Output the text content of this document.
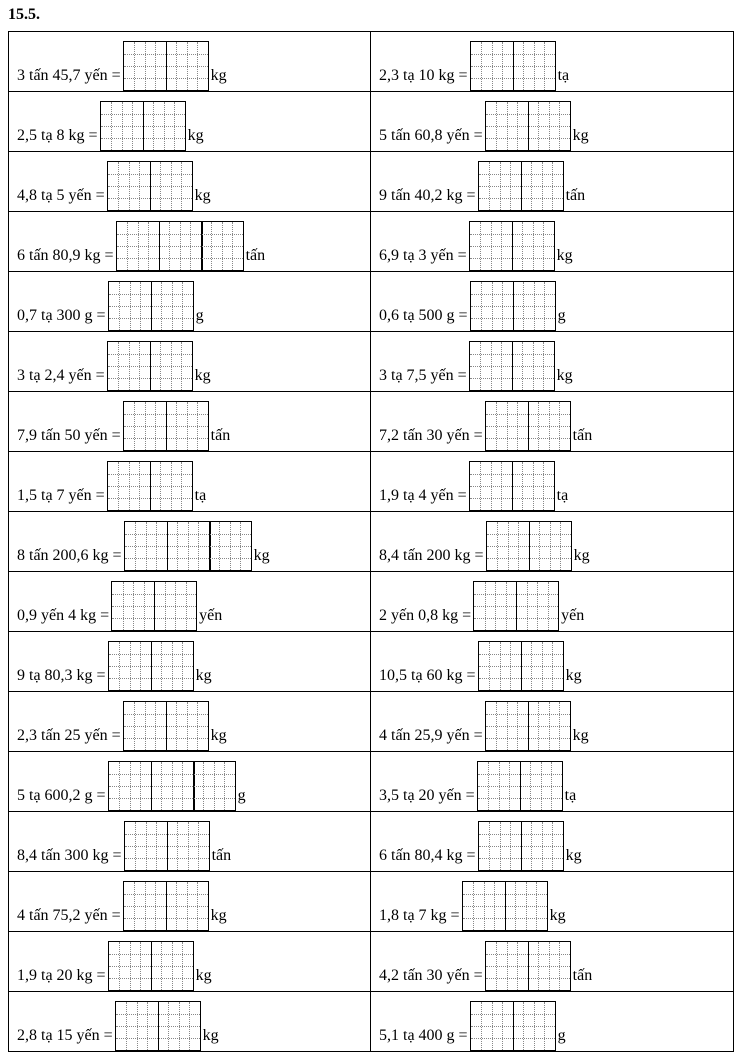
15.5.
3 tấn 45,7 yến = kg	2,3 tạ 10 kg = tạ

2,5 tạ 8 kg = kg	5 tấn 60,8 yến = kg

4,8 tạ 5 yến = kg	9 tấn 40,2 kg = tấn

6 tấn 80,9 kg = tấn	6,9 tạ 3 yến = kg

0,7 tạ 300 g = g	0,6 tạ 500 g = g

3 tạ 2,4 yến = kg	3 tạ 7,5 yến = kg

7,9 tấn 50 yến = tấn	7,2 tấn 30 yến = tấn

1,5 tạ 7 yến = tạ	1,9 tạ 4 yến = tạ

8 tấn 200,6 kg = kg	8,4 tấn 200 kg = kg

0,9 yến 4 kg = yến	2 yến 0,8 kg = yến

9 tạ 80,3 kg = kg	10,5 tạ 60 kg = kg

2,3 tấn 25 yến = kg	4 tấn 25,9 yến = kg

5 tạ 600,2 g = g	3,5 tạ 20 yến = tạ

8,4 tấn 300 kg = tấn	6 tấn 80,4 kg = kg

4 tấn 75,2 yến = kg	1,8 tạ 7 kg = kg

1,9 tạ 20 kg = kg	4,2 tấn 30 yến = tấn

2,8 tạ 15 yến = kg	5,1 tạ 400 g = g
